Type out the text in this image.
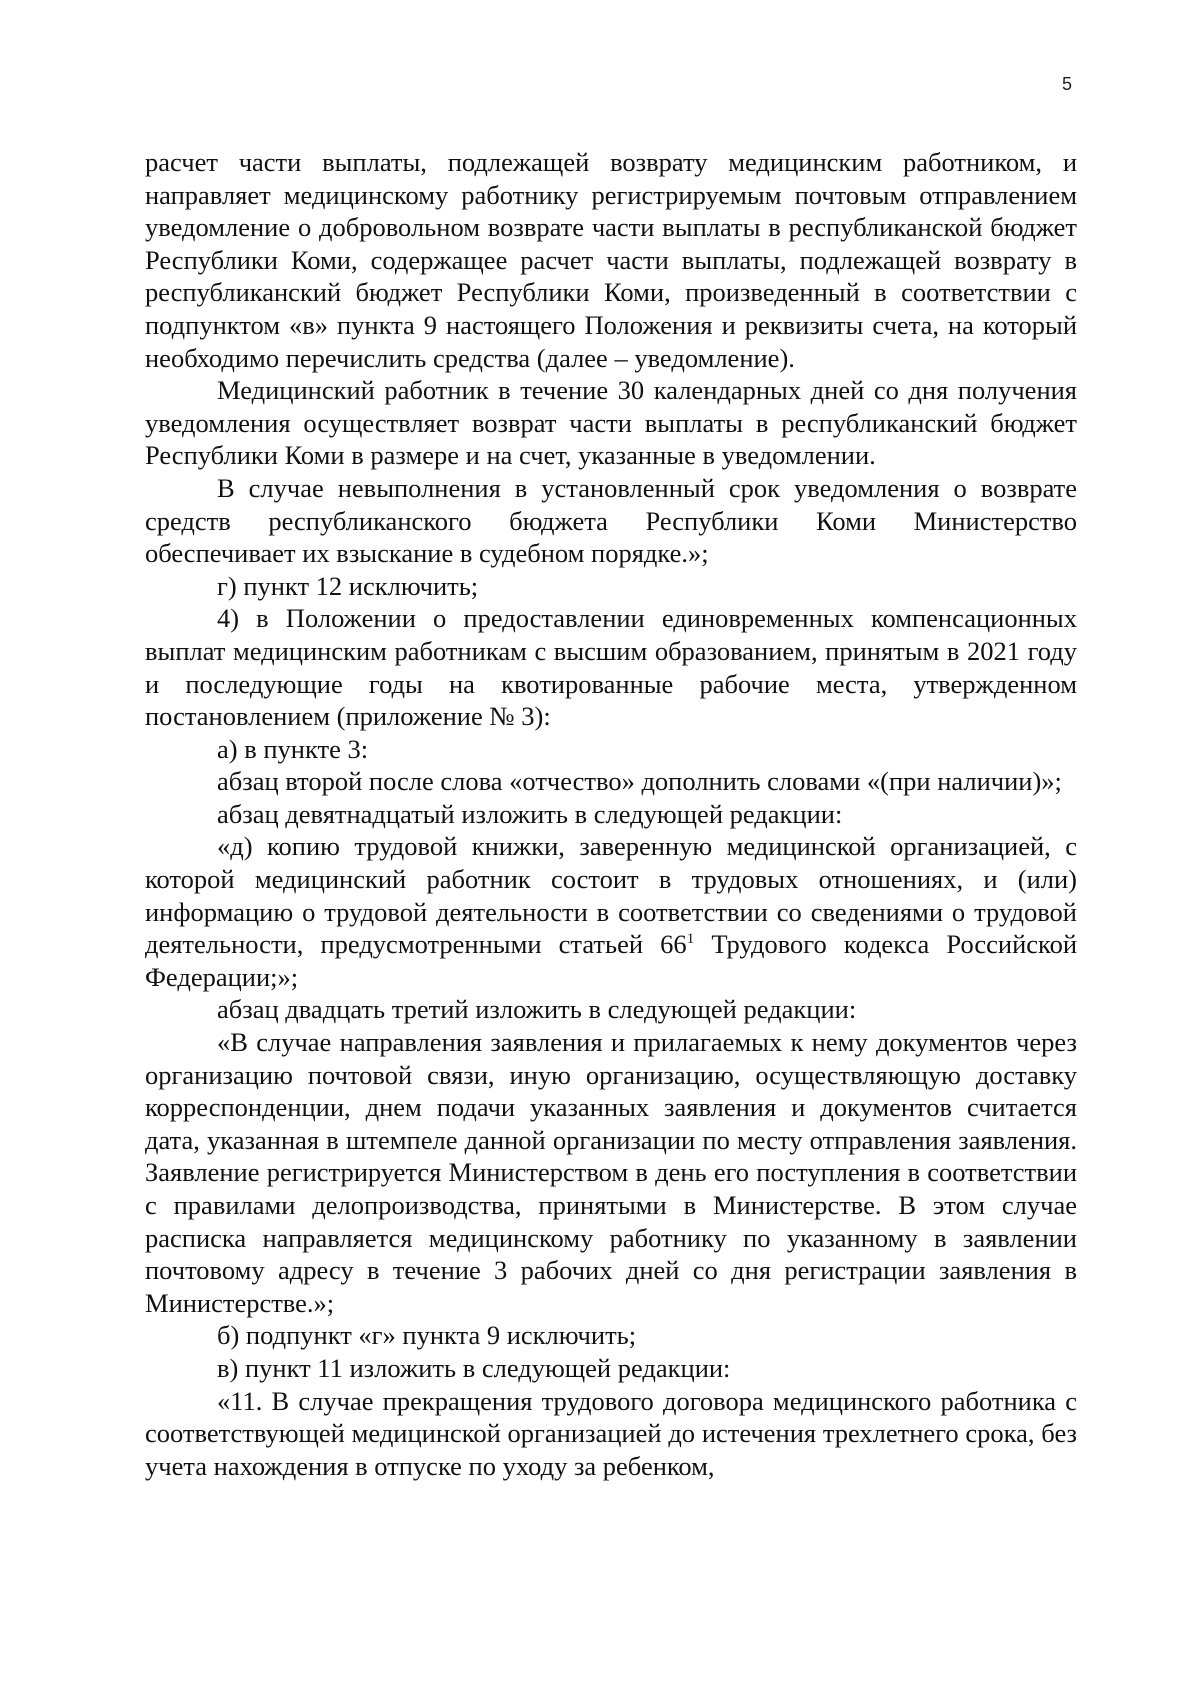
5

расчет части выплаты, подлежащей возврату медицинским работником, и направляет медицинскому работнику регистрируемым почтовым отправлением уведомление о добровольном возврате части выплаты в республиканской бюджет Республики Коми, содержащее расчет части выплаты, подлежащей возврату в республиканский бюджет Республики Коми, произведенный в соответствии с подпунктом «в» пункта 9 настоящего Положения и реквизиты счета, на который необходимо перечислить средства (далее – уведомление).

Медицинский работник в течение 30 календарных дней со дня получения уведомления осуществляет возврат части выплаты в республиканский бюджет Республики Коми в размере и на счет, указанные в уведомлении.

В случае невыполнения в установленный срок уведомления о возврате средств республиканского бюджета Республики Коми Министерство обеспечивает их взыскание в судебном порядке.»;

г) пункт 12 исключить;

4) в Положении о предоставлении единовременных компенсационных выплат медицинским работникам с высшим образованием, принятым в 2021 году и последующие годы на квотированные рабочие места, утвержденном постановлением (приложение № 3):

а) в пункте 3:

абзац второй после слова «отчество» дополнить словами «(при наличии)»;

абзац девятнадцатый изложить в следующей редакции:

«д) копию трудовой книжки, заверенную медицинской организацией, с которой медицинский работник состоит в трудовых отношениях, и (или) информацию о трудовой деятельности в соответствии со сведениями о трудовой деятельности, предусмотренными статьей $66^1$ Трудового кодекса Российской Федерации;»;

абзац двадцать третий изложить в следующей редакции:

«В случае направления заявления и прилагаемых к нему документов через организацию почтовой связи, иную организацию, осуществляющую доставку корреспонденции, днем подачи указанных заявления и документов считается дата, указанная в штемпеле данной организации по месту отправления заявления. Заявление регистрируется Министерством в день его поступления в соответствии с правилами делопроизводства, принятыми в Министерстве. В этом случае расписка направляется медицинскому работнику по указанному в заявлении почтовому адресу в течение 3 рабочих дней со дня регистрации заявления в Министерстве.»;

б) подпункт «г» пункта 9 исключить;

в) пункт 11 изложить в следующей редакции:

«11. В случае прекращения трудового договора медицинского работника с соответствующей медицинской организацией до истечения трехлетнего срока, без учета нахождения в отпуске по уходу за ребенком,
